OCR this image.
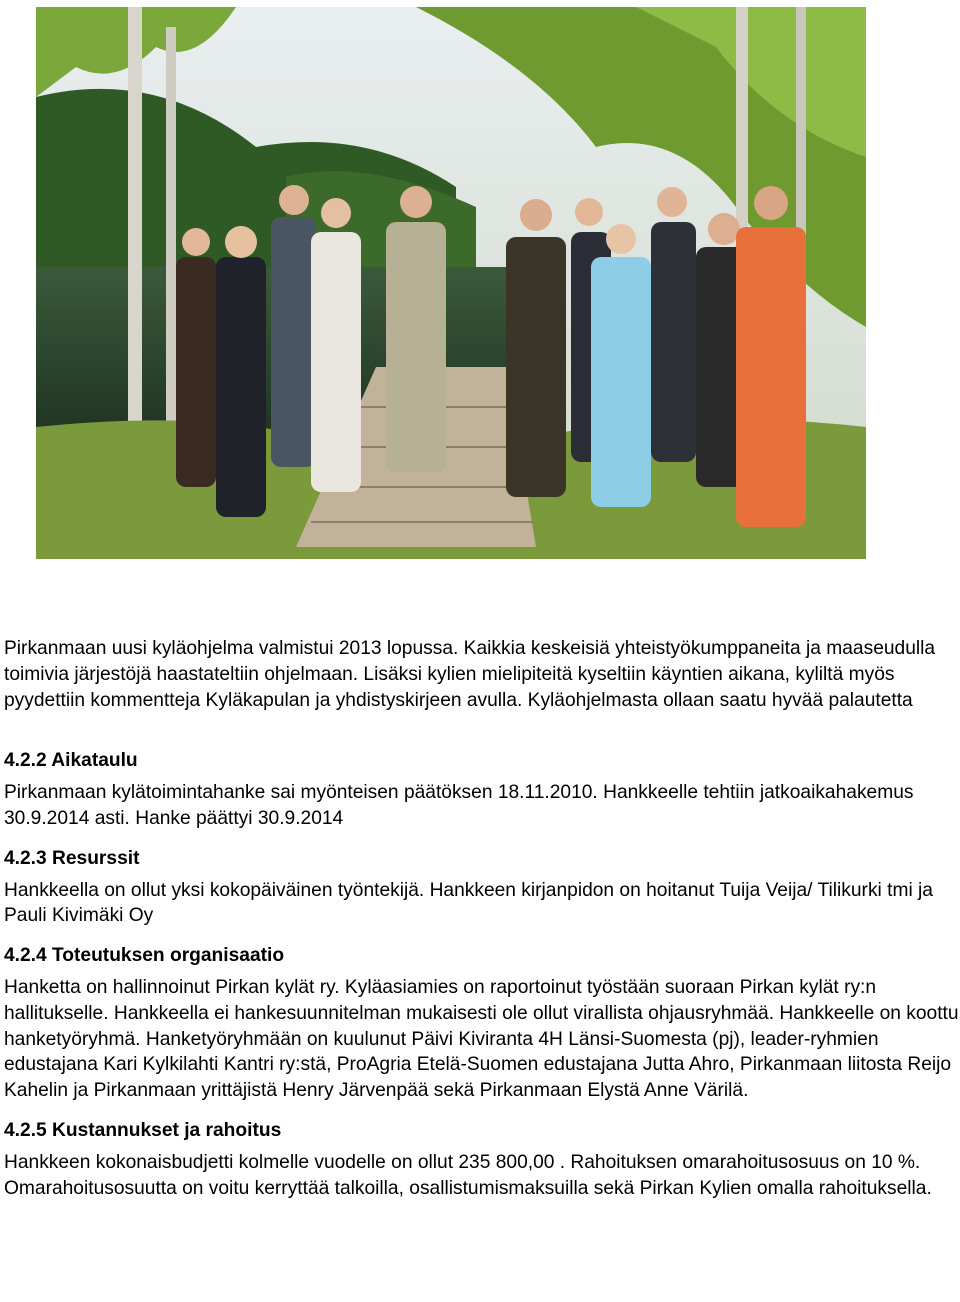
Pirkanmaan uusi kyläohjelma valmistui 2013 lopussa. Kaikkia keskeisiä yhteistyökumppaneita ja maaseudulla toimivia järjestöjä haastateltiin ohjelmaan. Lisäksi kylien mielipiteitä kyseltiin käyntien aikana, kyliltä myös pyydettiin kommentteja Kyläkapulan ja yhdistyskirjeen avulla. Kyläohjelmasta ollaan saatu hyvää palautetta

4.2.2 Aikataulu

Pirkanmaan kylätoimintahanke sai myönteisen päätöksen 18.11.2010. Hankkeelle tehtiin jatkoaikahakemus 30.9.2014 asti. Hanke päättyi 30.9.2014

4.2.3 Resurssit

Hankkeella on ollut yksi kokopäiväinen työntekijä. Hankkeen kirjanpidon on hoitanut Tuija Veija/ Tilikurki tmi ja Pauli Kivimäki Oy

4.2.4 Toteutuksen organisaatio

Hanketta on hallinnoinut Pirkan kylät ry. Kyläasiamies on raportoinut työstään suoraan Pirkan kylät ry:n hallitukselle. Hankkeella ei hankesuunnitelman mukaisesti ole ollut virallista ohjausryhmää. Hankkeelle on koottu hanketyöryhmä. Hanketyöryhmään on kuulunut Päivi Kiviranta 4H Länsi-Suomesta (pj), leader-ryhmien edustajana Kari Kylkilahti Kantri ry:stä, ProAgria Etelä-Suomen edustajana Jutta Ahro, Pirkanmaan liitosta Reijo Kahelin ja Pirkanmaan yrittäjistä Henry Järvenpää sekä Pirkanmaan Elystä Anne Värilä.

4.2.5 Kustannukset ja rahoitus

Hankkeen kokonaisbudjetti kolmelle vuodelle on ollut 235 800,00 . Rahoituksen omarahoitusosuus on 10 %. Omarahoitusosuutta on voitu kerryttää talkoilla, osallistumismaksuilla sekä Pirkan Kylien omalla rahoituksella.
